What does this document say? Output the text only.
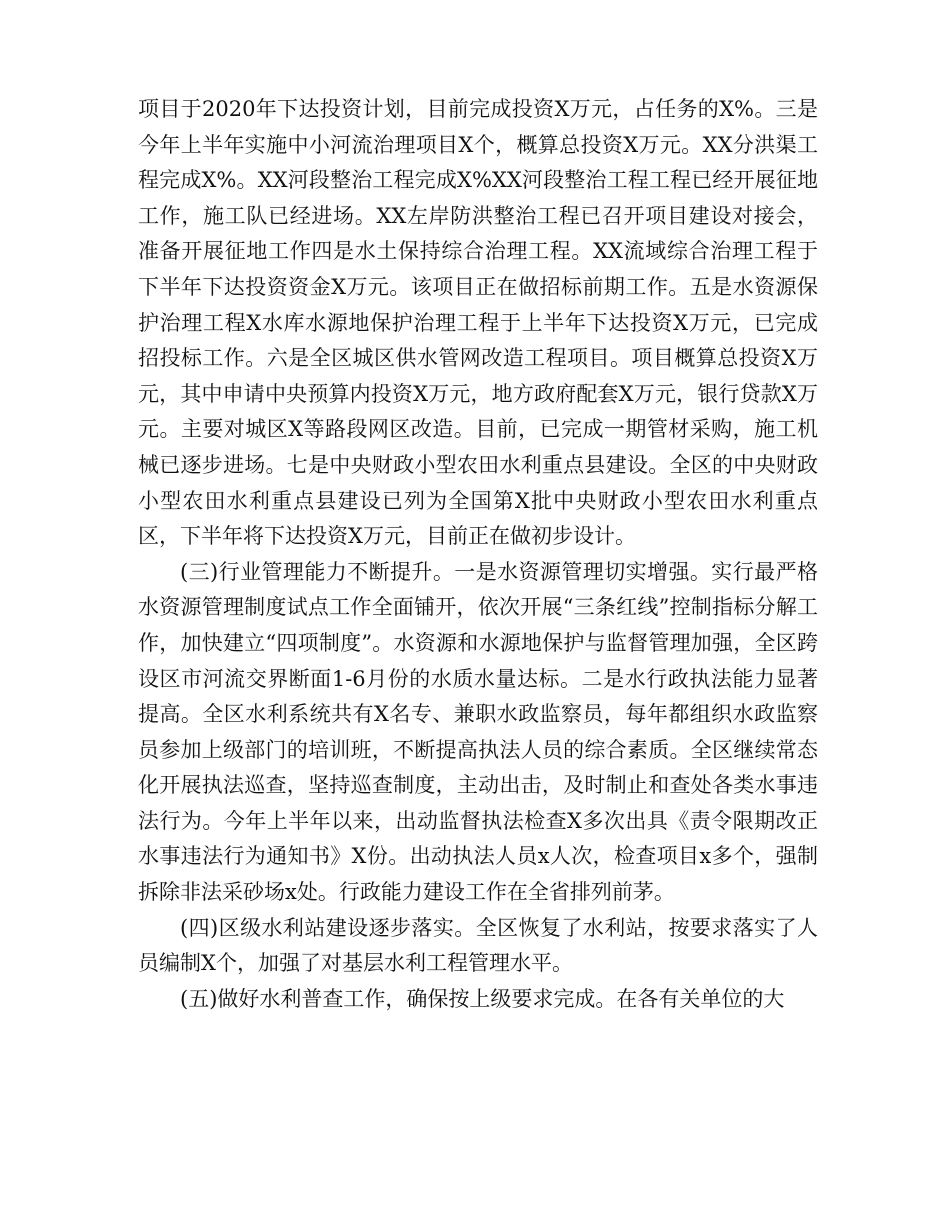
项目于2020年下达投资计划，目前完成投资X万元，占任务的X%。三是今年上半年实施中小河流治理项目X个，概算总投资X万元。XX分洪渠工程完成X%。XX河段整治工程完成X%XX河段整治工程工程已经开展征地工作，施工队已经进场。XX左岸防洪整治工程已召开项目建设对接会，准备开展征地工作四是水土保持综合治理工程。XX流域综合治理工程于下半年下达投资资金X万元。该项目正在做招标前期工作。五是水资源保护治理工程X水库水源地保护治理工程于上半年下达投资X万元，已完成招投标工作。六是全区城区供水管网改造工程项目。项目概算总投资X万元，其中申请中央预算内投资X万元，地方政府配套X万元，银行贷款X万元。主要对城区X等路段网区改造。目前，已完成一期管材采购，施工机械已逐步进场。七是中央财政小型农田水利重点县建设。全区的中央财政小型农田水利重点县建设已列为全国第X批中央财政小型农田水利重点区，下半年将下达投资X万元，目前正在做初步设计。

(三)行业管理能力不断提升。一是水资源管理切实增强。实行最严格水资源管理制度试点工作全面铺开，依次开展“三条红线”控制指标分解工作，加快建立“四项制度”。水资源和水源地保护与监督管理加强，全区跨设区市河流交界断面1-6月份的水质水量达标。二是水行政执法能力显著提高。全区水利系统共有X名专、兼职水政监察员，每年都组织水政监察员参加上级部门的培训班，不断提高执法人员的综合素质。全区继续常态化开展执法巡查，坚持巡查制度，主动出击，及时制止和查处各类水事违法行为。今年上半年以来，出动监督执法检查X多次出具《责令限期改正水事违法行为通知书》X份。出动执法人员x人次，检查项目x多个，强制拆除非法采砂场x处。行政能力建设工作在全省排列前茅。

(四)区级水利站建设逐步落实。全区恢复了水利站，按要求落实了人员编制X个，加强了对基层水利工程管理水平。

(五)做好水利普查工作，确保按上级要求完成。在各有关单位的大
